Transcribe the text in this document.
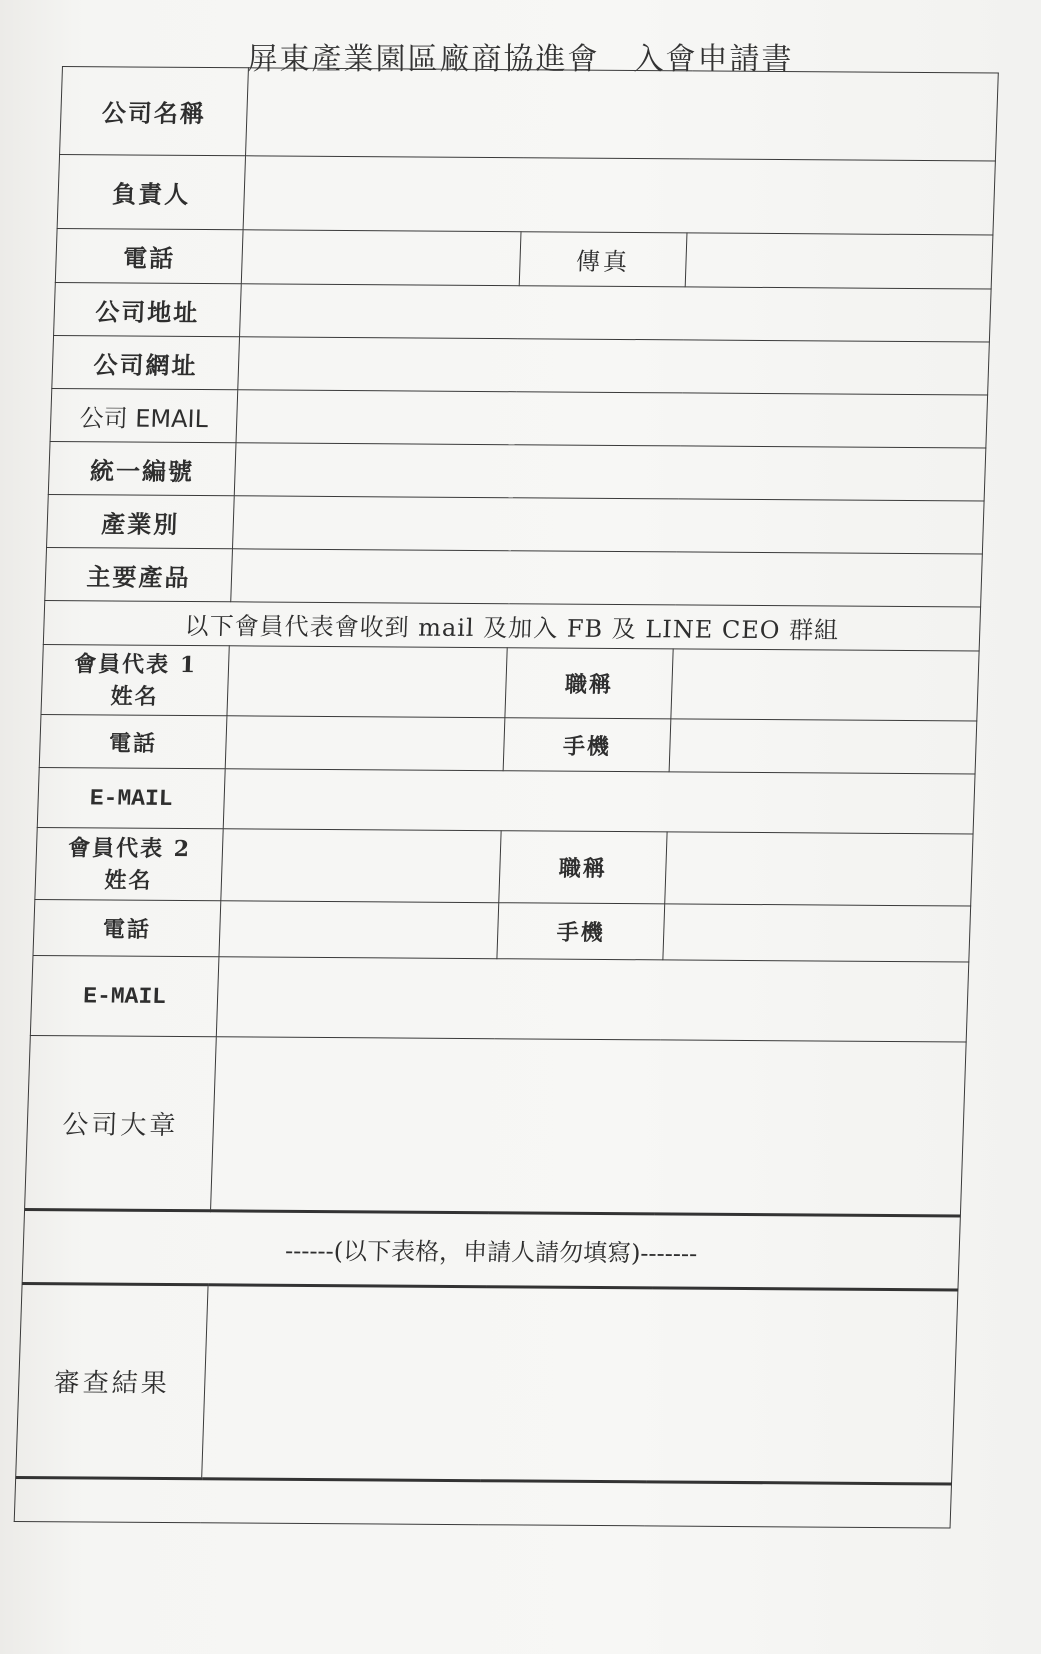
屏東產業園區廠商協進會 入會申請書
公司名稱			
負責人			
電話		傳真	
公司地址			
公司網址			
公司 EMAIL			
統一編號			
產業別			
主要產品			
以下會員代表會收到 mail 及加入 FB 及 LINE CEO 群組			

會員代表 1
姓名		職稱	
電話		手機	
E-MAIL			

會員代表 2
姓名		職稱	
電話		手機	
E-MAIL			
公司大章			
------(以下表格，申請人請勿填寫)-------			
審查結果			
